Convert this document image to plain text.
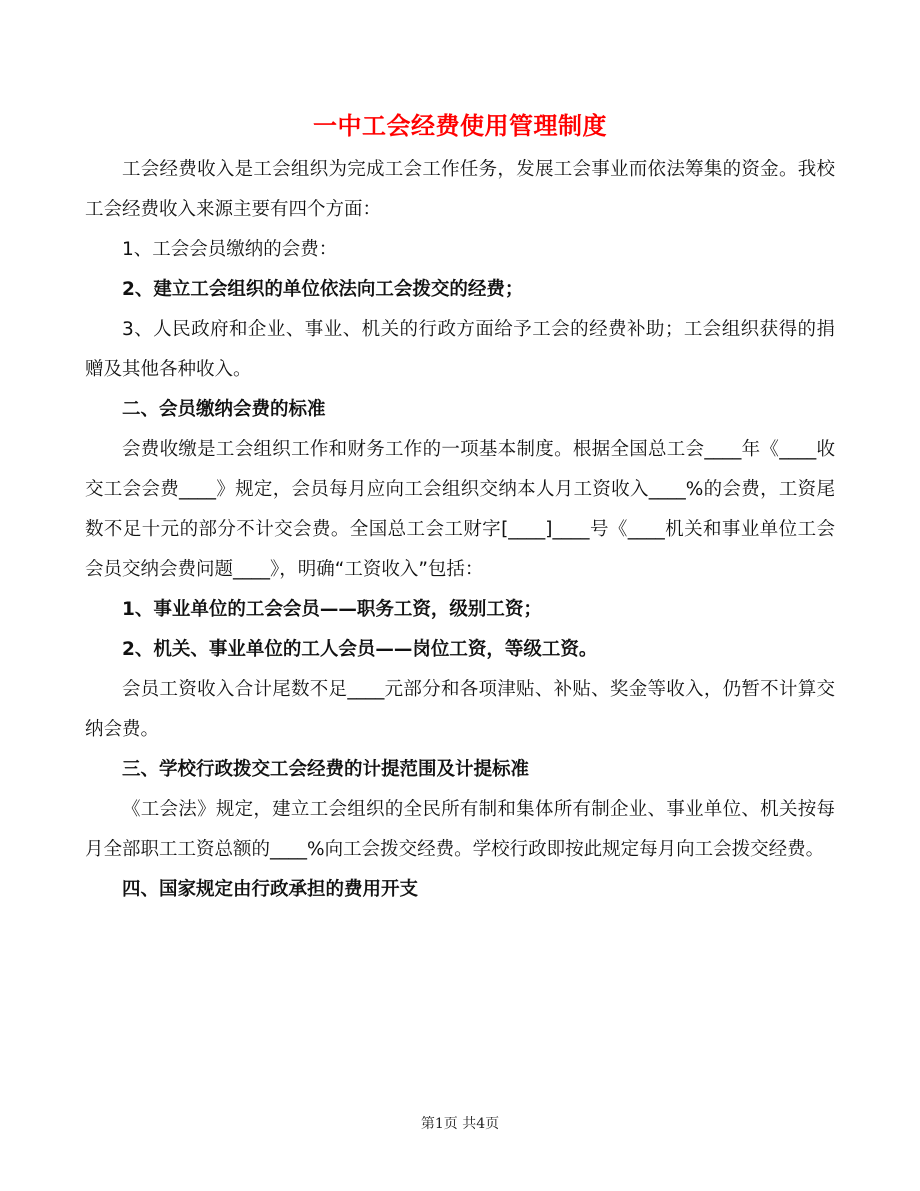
一中工会经费使用管理制度

工会经费收入是工会组织为完成工会工作任务，发展工会事业而依法筹集的资金。我校工会经费收入来源主要有四个方面：

1、工会会员缴纳的会费：

2、建立工会组织的单位依法向工会拨交的经费；

3、人民政府和企业、事业、机关的行政方面给予工会的经费补助；工会组织获得的捐赠及其他各种收入。

二、会员缴纳会费的标准

会费收缴是工会组织工作和财务工作的一项基本制度。根据全国总工会____年《____收交工会会费____》规定，会员每月应向工会组织交纳本人月工资收入____%的会费，工资尾数不足十元的部分不计交会费。全国总工会工财字[____]____号《____机关和事业单位工会会员交纳会费问题____》，明确“工资收入”包括：

1、事业单位的工会会员——职务工资，级别工资；

2、机关、事业单位的工人会员——岗位工资，等级工资。

会员工资收入合计尾数不足____元部分和各项津贴、补贴、奖金等收入，仍暂不计算交纳会费。

三、学校行政拨交工会经费的计提范围及计提标准

《工会法》规定，建立工会组织的全民所有制和集体所有制企业、事业单位、机关按每月全部职工工资总额的____%向工会拨交经费。学校行政即按此规定每月向工会拨交经费。

四、国家规定由行政承担的费用开支

第1页 共4页
